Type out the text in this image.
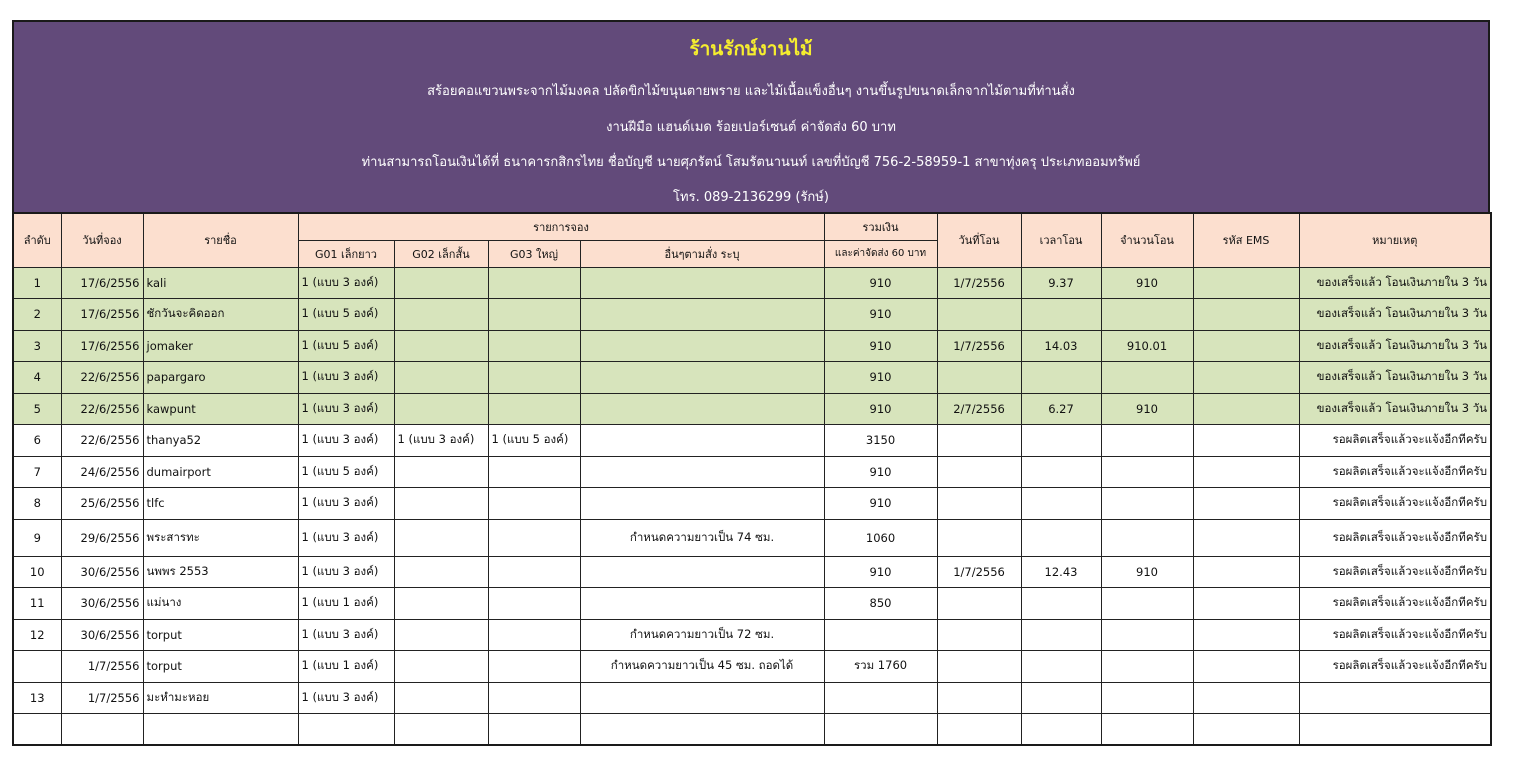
ร้านรักษ์งานไม้
สร้อยคอแขวนพระจากไม้มงคล ปลัดขิกไม้ขนุนตายพราย และไม้เนื้อแข็งอื่นๆ งานขึ้นรูปขนาดเล็กจากไม้ตามที่ท่านสั่ง
งานฝีมือ แฮนด์เมด ร้อยเปอร์เซนต์ ค่าจัดส่ง 60 บาท
ท่านสามารถโอนเงินได้ที่ ธนาคารกสิกรไทย ชื่อบัญชี นายศุภรัตน์ โสมรัตนานนท์ เลขที่บัญชี 756-2-58959-1 สาขาทุ่งครุ ประเภทออมทรัพย์
โทร. 089-2136299 (รักษ์)
ลำดับ	วันที่จอง	รายชื่อ	รายการจอง				รวมเงิน	วันที่โอน	เวลาโอน	จำนวนโอน	รหัส EMS	หมายเหตุ
			G01 เล็กยาว	G02 เล็กสั้น	G03 ใหญ่	อื่นๆตามสั่ง ระบุ	และค่าจัดส่ง 60 บาท					
1	17/6/2556	kali	1 (แบบ 3 องค์)				910	1/7/2556	9.37	910		ของเสร็จแล้ว โอนเงินภายใน 3 วัน
2	17/6/2556	ชักวันจะคิดออก	1 (แบบ 5 องค์)				910					ของเสร็จแล้ว โอนเงินภายใน 3 วัน
3	17/6/2556	jomaker	1 (แบบ 5 องค์)				910	1/7/2556	14.03	910.01		ของเสร็จแล้ว โอนเงินภายใน 3 วัน
4	22/6/2556	papargaro	1 (แบบ 3 องค์)				910					ของเสร็จแล้ว โอนเงินภายใน 3 วัน
5	22/6/2556	kawpunt	1 (แบบ 3 องค์)				910	2/7/2556	6.27	910		ของเสร็จแล้ว โอนเงินภายใน 3 วัน
6	22/6/2556	thanya52	1 (แบบ 3 องค์)	1 (แบบ 3 องค์)	1 (แบบ 5 องค์)		3150					รอผลิตเสร็จแล้วจะแจ้งอีกทีครับ
7	24/6/2556	dumairport	1 (แบบ 5 องค์)				910					รอผลิตเสร็จแล้วจะแจ้งอีกทีครับ
8	25/6/2556	tlfc	1 (แบบ 3 องค์)				910					รอผลิตเสร็จแล้วจะแจ้งอีกทีครับ
9	29/6/2556	พระสารทะ	1 (แบบ 3 องค์)			กำหนดความยาวเป็น 74 ซม.	1060					รอผลิตเสร็จแล้วจะแจ้งอีกทีครับ
10	30/6/2556	นพพร 2553	1 (แบบ 3 องค์)				910	1/7/2556	12.43	910		รอผลิตเสร็จแล้วจะแจ้งอีกทีครับ
11	30/6/2556	แม่นาง	1 (แบบ 1 องค์)				850					รอผลิตเสร็จแล้วจะแจ้งอีกทีครับ
12	30/6/2556	torput	1 (แบบ 3 องค์)			กำหนดความยาวเป็น 72 ซม.						รอผลิตเสร็จแล้วจะแจ้งอีกทีครับ
	1/7/2556	torput	1 (แบบ 1 องค์)			กำหนดความยาวเป็น 45 ซม. ถอดได้	รวม 1760					รอผลิตเสร็จแล้วจะแจ้งอีกทีครับ
13	1/7/2556	มะหำมะหอย	1 (แบบ 3 องค์)									
